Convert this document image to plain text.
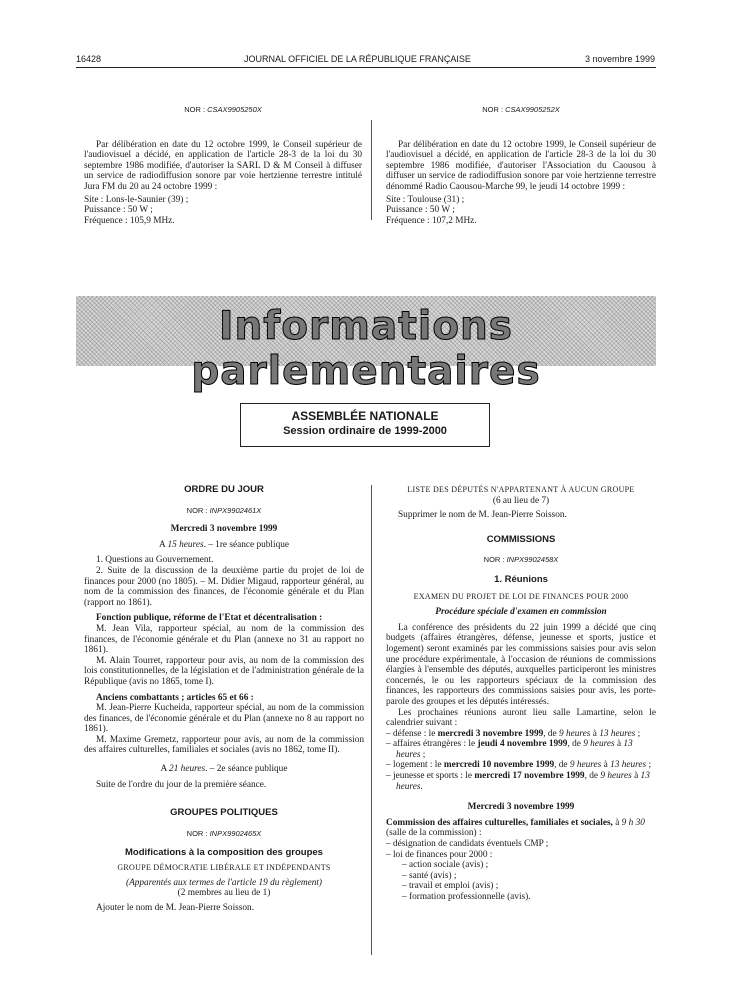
16428	JOURNAL OFFICIEL DE LA RÉPUBLIQUE FRANÇAISE	3 novembre 1999

NOR : CSAX9905250X

Par délibération en date du 12 octobre 1999, le Conseil supérieur de l'audiovisuel a décidé, en application de l'article 28-3 de la loi du 30 septembre 1986 modifiée, d'autoriser la SARL D & M Conseil à diffuser un service de radiodiffusion sonore par voie hertzienne terrestre intitulé Jura FM du 20 au 24 octobre 1999 :

Site : Lons-le-Saunier (39) ;

Puissance : 50 W ;

Fréquence : 105,9 MHz.

NOR : CSAX9905252X

Par délibération en date du 12 octobre 1999, le Conseil supérieur de l'audiovisuel a décidé, en application de l'article 28-3 de la loi du 30 septembre 1986 modifiée, d'autoriser l'Association du Caousou à diffuser un service de radiodiffusion sonore par voie hertzienne terrestre dénommé Radio Caousou-Marche 99, le jeudi 14 octobre 1999 :

Site : Toulouse (31) ;

Puissance : 50 W ;

Fréquence : 107,2 MHz.

Informations parlementaires
ASSEMBLÉE NATIONALE
Session ordinaire de 1999-2000

ORDRE DU JOUR

NOR : INPX9902461X

Mercredi 3 novembre 1999

A 15 heures. – 1re séance publique

1. Questions au Gouvernement.

2. Suite de la discussion de la deuxième partie du projet de loi de finances pour 2000 (no 1805). – M. Didier Migaud, rapporteur général, au nom de la commission des finances, de l'économie générale et du Plan (rapport no 1861).

Fonction publique, réforme de l'Etat et décentralisation :

M. Jean Vila, rapporteur spécial, au nom de la commission des finances, de l'économie générale et du Plan (annexe no 31 au rapport no 1861).

M. Alain Tourret, rapporteur pour avis, au nom de la commission des lois constitutionnelles, de la législation et de l'administration générale de la République (avis no 1865, tome I).

Anciens combattants ; articles 65 et 66 :

M. Jean-Pierre Kucheida, rapporteur spécial, au nom de la commission des finances, de l'économie générale et du Plan (annexe no 8 au rapport no 1861).

M. Maxime Gremetz, rapporteur pour avis, au nom de la commission des affaires culturelles, familiales et sociales (avis no 1862, tome II).

A 21 heures. – 2e séance publique

Suite de l'ordre du jour de la première séance.

GROUPES POLITIQUES

NOR : INPX9902465X

Modifications à la composition des groupes

GROUPE DÉMOCRATIE LIBÉRALE ET INDÉPENDANTS

(Apparentés aux termes de l'article 19 du règlement)

(2 membres au lieu de 1)

Ajouter le nom de M. Jean-Pierre Soisson.

LISTE DES DÉPUTÉS N'APPARTENANT À AUCUN GROUPE

(6 au lieu de 7)

Supprimer le nom de M. Jean-Pierre Soisson.

COMMISSIONS

NOR : INPX9902458X

1. Réunions

EXAMEN DU PROJET DE LOI DE FINANCES POUR 2000

Procédure spéciale d'examen en commission

La conférence des présidents du 22 juin 1999 a décidé que cinq budgets (affaires étrangères, défense, jeunesse et sports, justice et logement) seront examinés par les commissions saisies pour avis selon une procédure expérimentale, à l'occasion de réunions de commissions élargies à l'ensemble des députés, auxquelles participeront les ministres concernés, le ou les rapporteurs spéciaux de la commission des finances, les rapporteurs des commissions saisies pour avis, les porte-parole des groupes et les députés intéressés.

Les prochaines réunions auront lieu salle Lamartine, selon le calendrier suivant :

– défense : le mercredi 3 novembre 1999, de 9 heures à 13 heures ;

– affaires étrangères : le jeudi 4 novembre 1999, de 9 heures à 13 heures ;

– logement : le mercredi 10 novembre 1999, de 9 heures à 13 heures ;

– jeunesse et sports : le mercredi 17 novembre 1999, de 9 heures à 13 heures.

Mercredi 3 novembre 1999

Commission des affaires culturelles, familiales et sociales, à 9 h 30

(salle de la commission) :

– désignation de candidats éventuels CMP ;

– loi de finances pour 2000 :

– action sociale (avis) ;

– santé (avis) ;

– travail et emploi (avis) ;

– formation professionnelle (avis).
